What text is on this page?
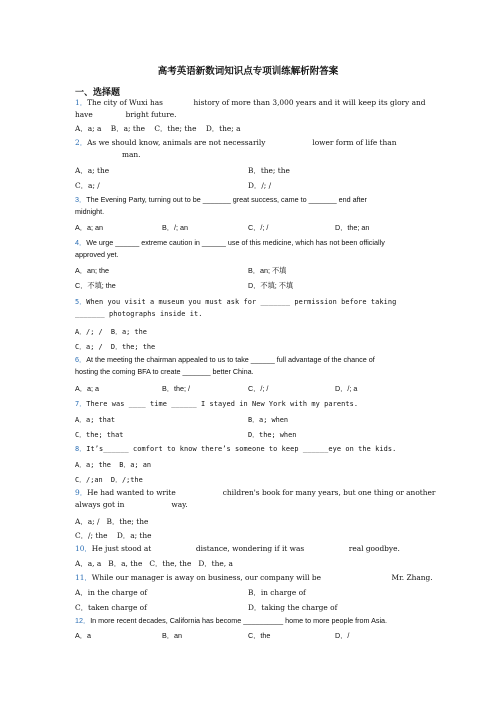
高考英语新数词知识点专项训练解析附答案
一、选择题
1．The city of Wuxi has             history of more than 3,000 years and it will keep its glory and
have              bright future.
A．a; a    B．a; the    C．the; the    D．the; a
2．As we should know, animals are not necessarily                    lower form of life than
man.
A．a; the	B．the; the
C．a; /	D．/; /
3．The Evening Party, turning out to be _______ great success, came to _______ end after
midnight.
A．a; an	B．/; an	C．/; /	D．the; an
4．We urge ______ extreme caution in ______ use of this medicine, which has not been officially
approved yet.
A．an; the	B．an; 不填
C．不填; the	D．不填; 不填
5．When you visit a museum you must ask for _______ permission before taking
_______ photographs inside it.
A．/; /  B．a; the
C．a; /  D．the; the
6．At the meeting the chairman appealed to us to take ______ full advantage of the chance of
hosting the coming BFA to create _______ better China.
A．a; a	B．the; /	C．/; /	D．/; a
7．There was ____ time ______ I stayed in New York with my parents.
A．a; that	B．a; when
C．the; that	D．the; when
8．It’s______ comfort to know there’s someone to keep ______eye on the kids.
A．a; the  B．a; an
C．/;an  D．/;the
9．He had wanted to write                    children's book for many years, but one thing or another
always got in                    way.
A．a; /   B．the; the
C．/; the    D．a; the
10．He just stood at                   distance, wondering if it was                   real goodbye.
A．a, a   B．a, the   C．the, the   D．the, a
11．While our manager is away on business, our company will be                              Mr. Zhang.
A．in the charge of	B．in charge of
C．taken charge of	D．taking the charge of
12．In more recent decades, California has become __________ home to more people from Asia.
A．a	B．an	C．the	D．/
